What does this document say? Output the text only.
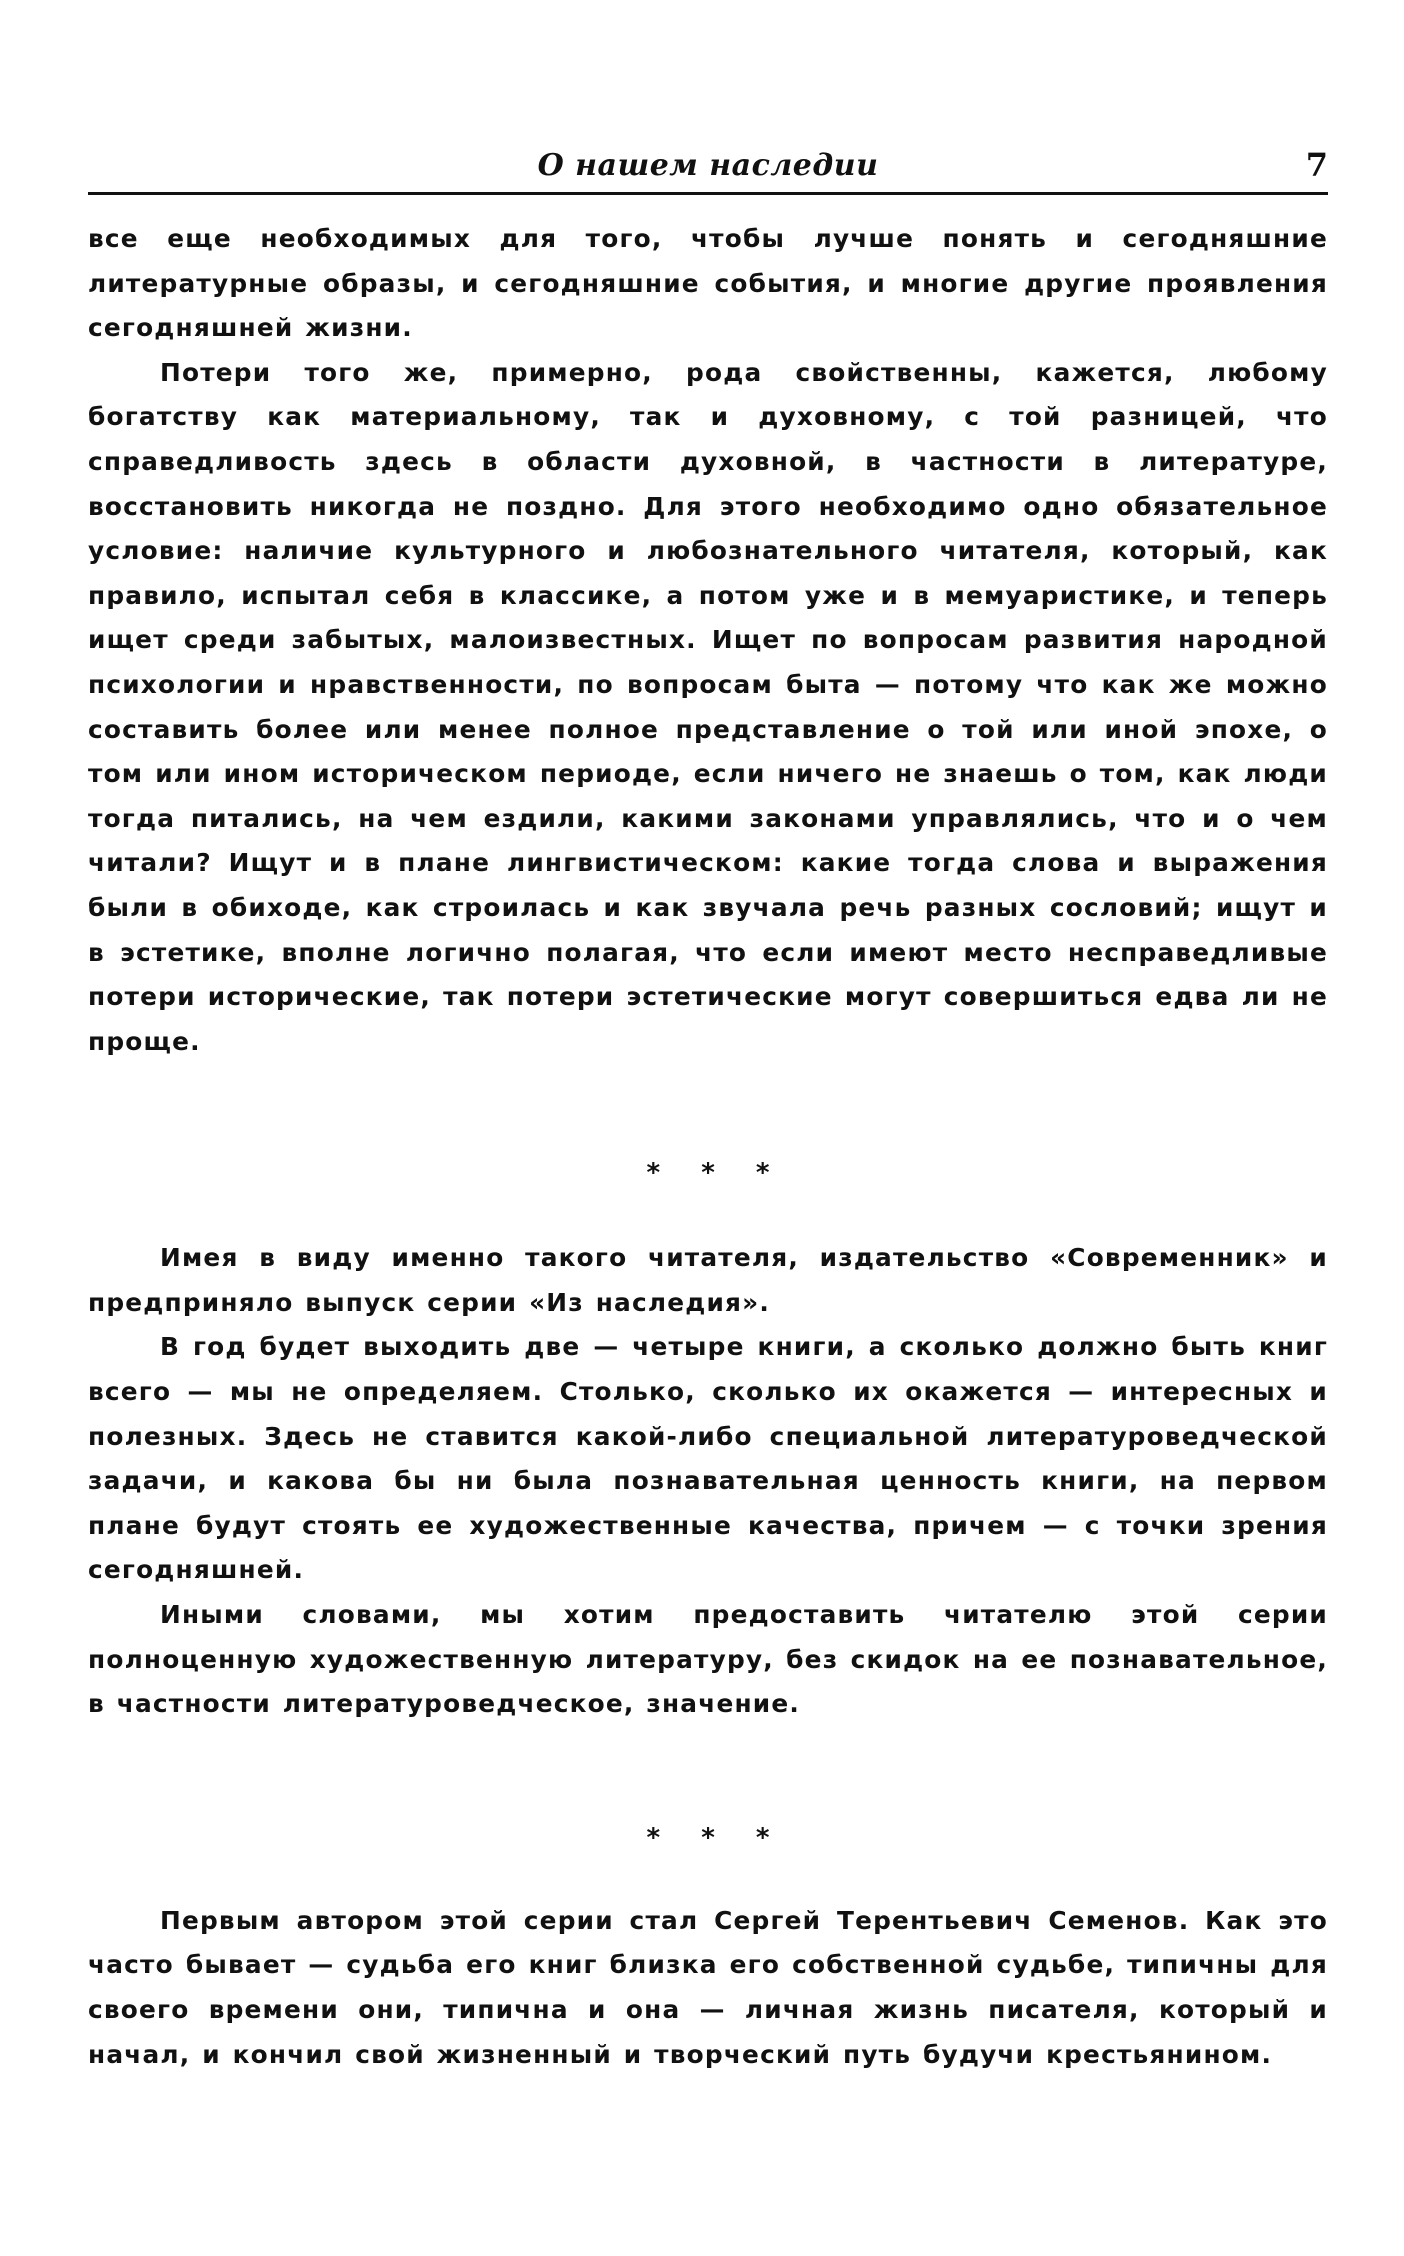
О нашем наследии	7

все еще необходимых для того, чтобы лучше понять и сегодняшние литературные образы, и сегодняшние события, и многие другие проявления сегодняшней жизни.

Потери того же, примерно, рода свойственны, кажется, любому богатству как материальному, так и духовному, с той разницей, что справедливость здесь в области духовной, в частности в литературе, восстановить никогда не поздно. Для этого необходимо одно обязательное условие: наличие культурного и любознательного читателя, который, как правило, испытал себя в классике, а потом уже и в мемуаристике, и теперь ищет среди забытых, малоизвестных. Ищет по вопросам развития народной психологии и нравственности, по вопросам быта — потому что как же можно составить более или менее полное представление о той или иной эпохе, о том или ином историческом периоде, если ничего не знаешь о том, как люди тогда питались, на чем ездили, какими законами управлялись, что и о чем читали? Ищут и в плане лингвистическом: какие тогда слова и выражения были в обиходе, как строилась и как звучала речь разных сословий; ищут и в эстетике, вполне логично полагая, что если имеют место несправедливые потери исторические, так потери эстетические могут совершиться едва ли не проще.

* * *

Имея в виду именно такого читателя, издательство «Современник» и предприняло выпуск серии «Из наследия».

В год будет выходить две — четыре книги, а сколько должно быть книг всего — мы не определяем. Столько, сколько их окажется — интересных и полезных. Здесь не ставится какой-либо специальной литературоведческой задачи, и какова бы ни была познавательная ценность книги, на первом плане будут стоять ее художественные качества, причем — с точки зрения сегодняшней.

Иными словами, мы хотим предоставить читателю этой серии полноценную художественную литературу, без скидок на ее познавательное, в частности литературоведческое, значение.

* * *

Первым автором этой серии стал Сергей Терентьевич Семенов. Как это часто бывает — судьба его книг близка его собственной судьбе, типичны для своего времени они, типична и она — личная жизнь писателя, который и начал, и кончил свой жизненный и творческий путь будучи крестьянином.
